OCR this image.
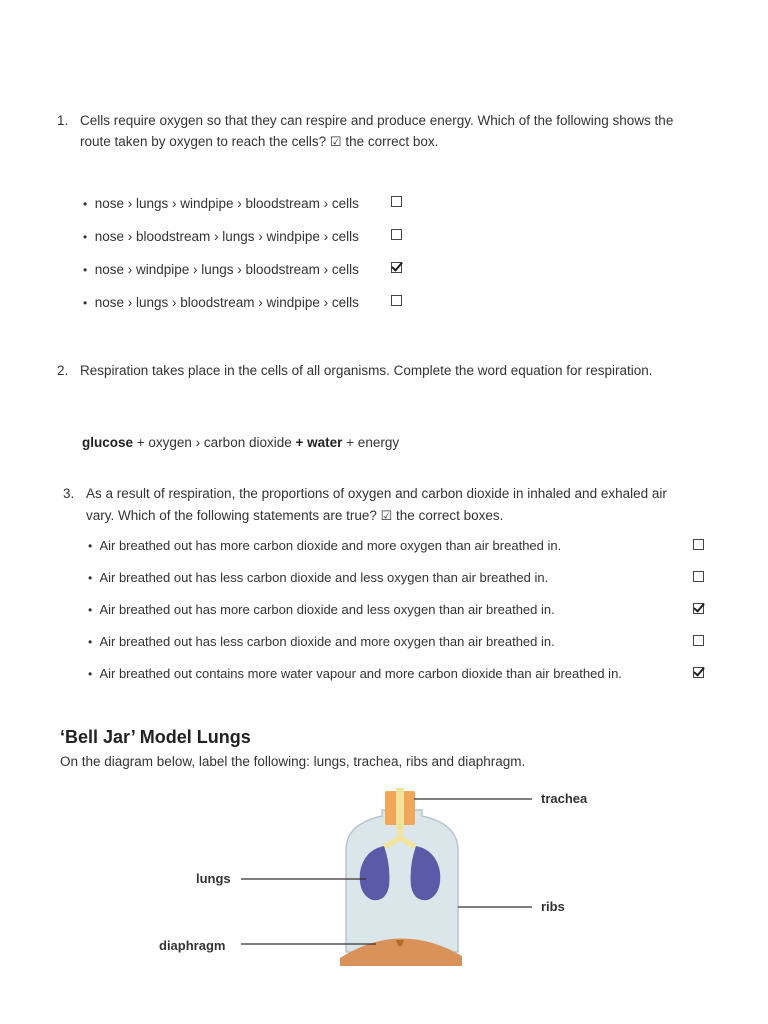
1. Cells require oxygen so that they can respire and produce energy. Which of the following shows the
route taken by oxygen to reach the cells? ☑ the correct box.
• nose › lungs › windpipe › bloodstream › cells
• nose › bloodstream › lungs › windpipe › cells
• nose › windpipe › lungs › bloodstream › cells
• nose › lungs › bloodstream › windpipe › cells
2. Respiration takes place in the cells of all organisms. Complete the word equation for respiration.
glucose + oxygen › carbon dioxide + water + energy
3. As a result of respiration, the proportions of oxygen and carbon dioxide in inhaled and exhaled air
vary. Which of the following statements are true? ☑ the correct boxes.
• Air breathed out has more carbon dioxide and more oxygen than air breathed in.
• Air breathed out has less carbon dioxide and less oxygen than air breathed in.
• Air breathed out has more carbon dioxide and less oxygen than air breathed in.
• Air breathed out has less carbon dioxide and more oxygen than air breathed in.
• Air breathed out contains more water vapour and more carbon dioxide than air breathed in.
‘Bell Jar’ Model Lungs
On the diagram below, label the following: lungs, trachea, ribs and diaphragm.
trachea
lungs
ribs
diaphragm
